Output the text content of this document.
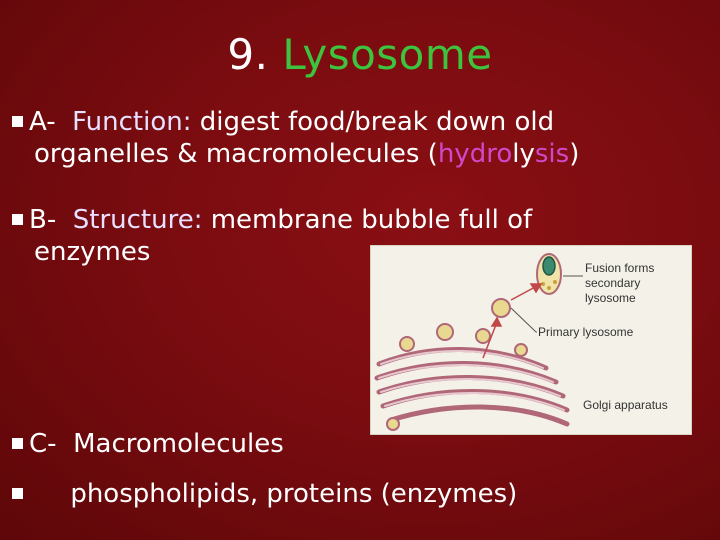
9. Lysosome
A- Function: digest food/break down old
organelles & macromolecules (hydrolysis)
B- Structure: membrane bubble full of
enzymes
C- Macromolecules
phospholipids, proteins (enzymes)
Fusion forms
secondary
lysosome
Primary lysosome
Golgi apparatus
